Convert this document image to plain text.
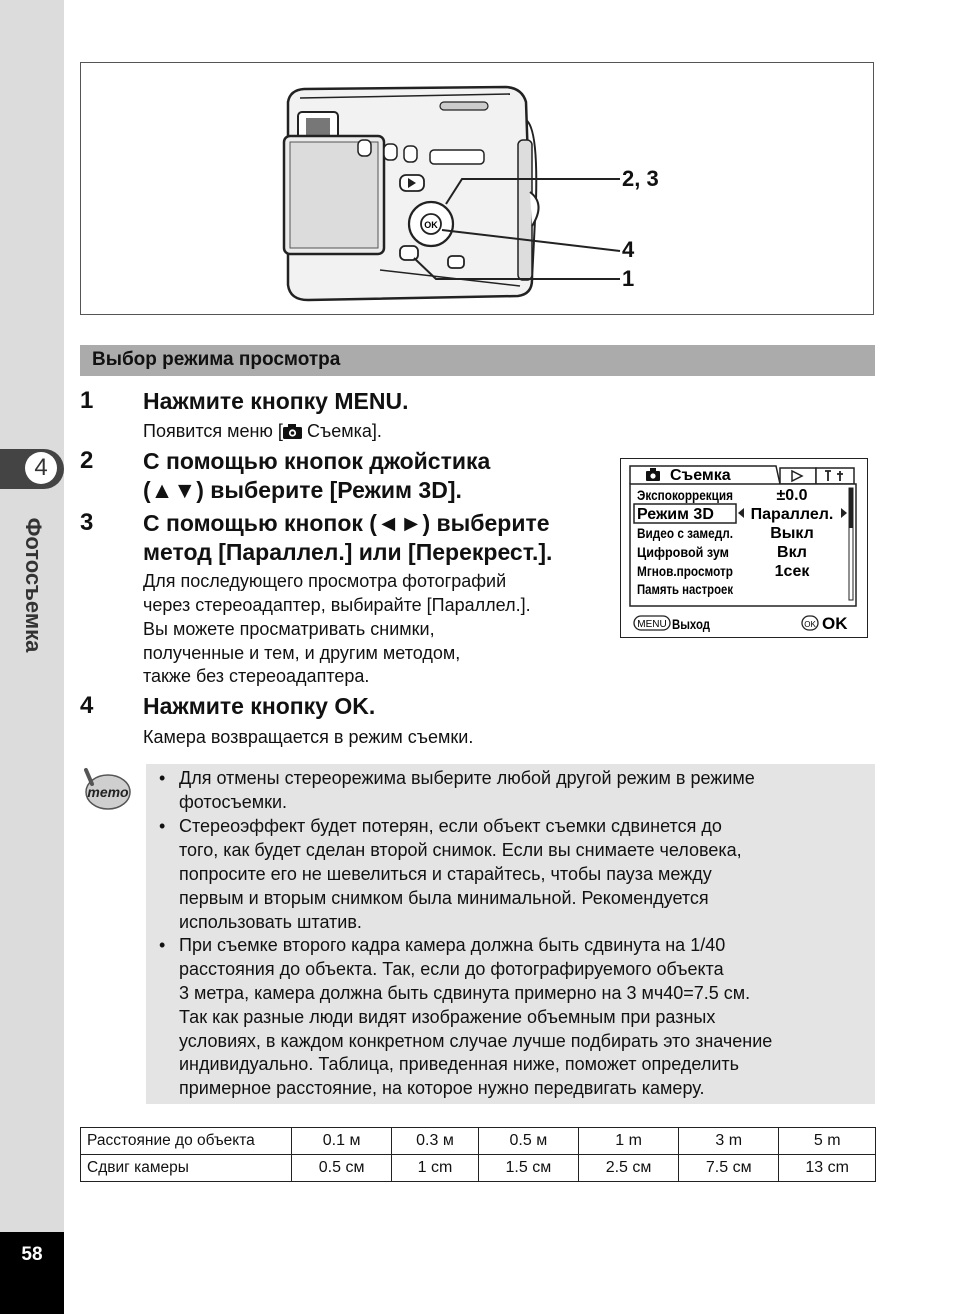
4
Фотосъемка
58
OK
2, 3
4
1
Выбор режима просмотра
1 Нажмите кнопку MENU.
Появится меню [ Съемка].
2 С помощью кнопок джойстика
(▲▼) выберите [Режим 3D].
3 С помощью кнопок (◄►) выберите
метод [Параллел.] или [Перекрест.].
Для последующего просмотра фотографий
через стереоадаптер, выбирайте [Параллел.].
Вы можете просматривать снимки,
полученные и тем, и другим методом,
также без стереоадаптера.
4 Нажмите кнопку OK.
Камера возвращается в режим съемки.
Съемка
Экспокоррекция	±0.0
Режим 3D Параллел.
Видео с замедл. Выкл
Цифровой зум	Вкл
Мгнов.просмотр	1сек
Память настроек
MENU Выход	OK OK
memo
• Для отмены стереорежима выберите любой другой режим в режиме
фотосъемки.
• Стереоэффект будет потерян, если объект съемки сдвинется до
того, как будет сделан второй снимок. Если вы снимаете человека,
попросите его не шевелиться и старайтесь, чтобы пауза между
первым и вторым снимком была минимальной. Рекомендуется
использовать штатив.
• При съемке второго кадра камера должна быть сдвинута на 1/40
расстояния до объекта. Так, если до фотографируемого объекта
3 метра, камера должна быть сдвинута примерно на 3 мч40=7.5 см.
Так как разные люди видят изображение объемным при разных
условиях, в каждом конкретном случае лучше подбирать это значение
индивидуально. Таблица, приведенная ниже, поможет определить
примерное расстояние, на которое нужно передвигать камеру.
Расстояние до объекта	0.1 м	0.3 м	0.5 м	1 m	3 m	5 m
Сдвиг камеры	0.5 см	1 cm	1.5 см	2.5 см	7.5 см	13 cm
